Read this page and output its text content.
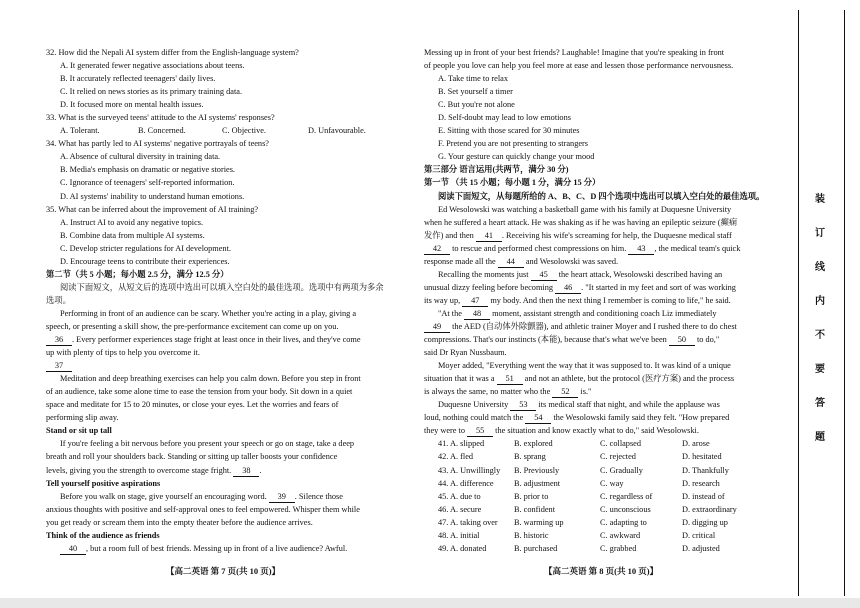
32. How did the Nepali AI system differ from the English-language system?

A. It generated fewer negative associations about teens.

B. It accurately reflected teenagers' daily lives.

C. It relied on news stories as its primary training data.

D. It focused more on mental health issues.

33. What is the surveyed teens' attitude to the AI systems' responses?

A. Tolerant.	B. Concerned.	C. Objective.	D. Unfavourable.

34. What has partly led to AI systems' negative portrayals of teens?

A. Absence of cultural diversity in training data.

B. Media's emphasis on dramatic or negative stories.

C. Ignorance of teenagers' self-reported information.

D. AI systems' inability to understand human emotions.

35. What can be inferred about the improvement of AI training?

A. Instruct AI to avoid any negative topics.

B. Combine data from multiple AI systems.

C. Develop stricter regulations for AI development.

D. Encourage teens to contribute their experiences.

第二节（共 5 小题；每小题 2.5 分，满分 12.5 分）

阅读下面短文，从短文后的选项中选出可以填入空白处的最佳选项。选项中有两项为多余

选项。

Performing in front of an audience can be scary. Whether you're acting in a play, giving a

speech, or presenting a skill show, the pre-performance excitement can come up on you.

36 . Every performer experiences stage fright at least once in their lives, and they've come

up with plenty of tips to help you overcome it.

37

Meditation and deep breathing exercises can help you calm down. Before you step in front

of an audience, take some alone time to ease the tension from your body. Sit down in a quiet

space and meditate for 15 to 20 minutes, or close your eyes. Let the worries and fears of

performing slip away.

Stand or sit up tall

If you're feeling a bit nervous before you present your speech or go on stage, take a deep

breath and roll your shoulders back. Standing or sitting up taller boosts your confidence

levels, giving you the strength to overcome stage fright. 38 .

Tell yourself positive aspirations

Before you walk on stage, give yourself an encouraging word. 39 . Silence those

anxious thoughts with positive and self-approval ones to feel empowered. Whisper them while

you get ready or scream them into the empty theater before the audience arrives.

Think of the audience as friends

40 , but a room full of best friends. Messing up in front of a live audience? Awful.

Messing up in front of your best friends? Laughable! Imagine that you're speaking in front

of people you love can help you feel more at ease and lessen those performance nervousness.

A. Take time to relax

B. Set yourself a timer

C. But you're not alone

D. Self-doubt may lead to low emotions

E. Sitting with those scared for 30 minutes

F. Pretend you are not presenting to strangers

G. Your gesture can quickly change your mood

第三部分 语言运用(共两节，满分 30 分)

第一节 （共 15 小题；每小题 1 分，满分 15 分）

阅读下面短文，从每题所给的 A、B、C、D 四个选项中选出可以填入空白处的最佳选项。

Ed Wesolowski was watching a basketball game with his family at Duquesne University

when he suffered a heart attack. He was shaking as if he was having an epileptic seizure (癫痫

发作) and then 41 . Receiving his wife's screaming for help, the Duquesne medical staff

42 to rescue and performed chest compressions on him. 43 , the medical team's quick

response made all the 44 and Wesolowski was saved.

Recalling the moments just 45 the heart attack, Wesolowski described having an

unusual dizzy feeling before becoming 46 . "It started in my feet and sort of was working

its way up, 47 my body. And then the next thing I remember is coming to life," he said.

"At the 48 moment, assistant strength and conditioning coach Liz immediately

49 the AED (自动体外除颤器), and athletic trainer Moyer and I rushed there to do chest

compressions. That's our instincts (本能), because that's what we've been 50 to do,"

said Dr Ryan Nussbaum.

Moyer added, "Everything went the way that it was supposed to. It was kind of a unique

situation that it was a 51 and not an athlete, but the protocol (医疗方案) and the process

is always the same, no matter who the 52 is."

Duquesne University 53 its medical staff that night, and while the applause was

loud, nothing could match the 54 the Wesolowski family said they felt. "How prepared

they were to 55 the situation and know exactly what to do," said Wesolowski.

41. A. slipped	B. explored	C. collapsed	D. arose

42. A. fled	B. sprang	C. rejected	D. hesitated

43. A. Unwillingly	B. Previously	C. Gradually	D. Thankfully

44. A. difference	B. adjustment	C. way	D. research

45. A. due to	B. prior to	C. regardless of	D. instead of

46. A. secure	B. confident	C. unconscious	D. extraordinary

47. A. taking over	B. warming up	C. adapting to	D. digging up

48. A. initial	B. historic	C. awkward	D. critical

49. A. donated	B. purchased	C. grabbed	D. adjusted

【高二英语 第 7 页(共 10 页)】	【高二英语 第 8 页(共 10 页)】
装
订
线
内
不
要
答
题
